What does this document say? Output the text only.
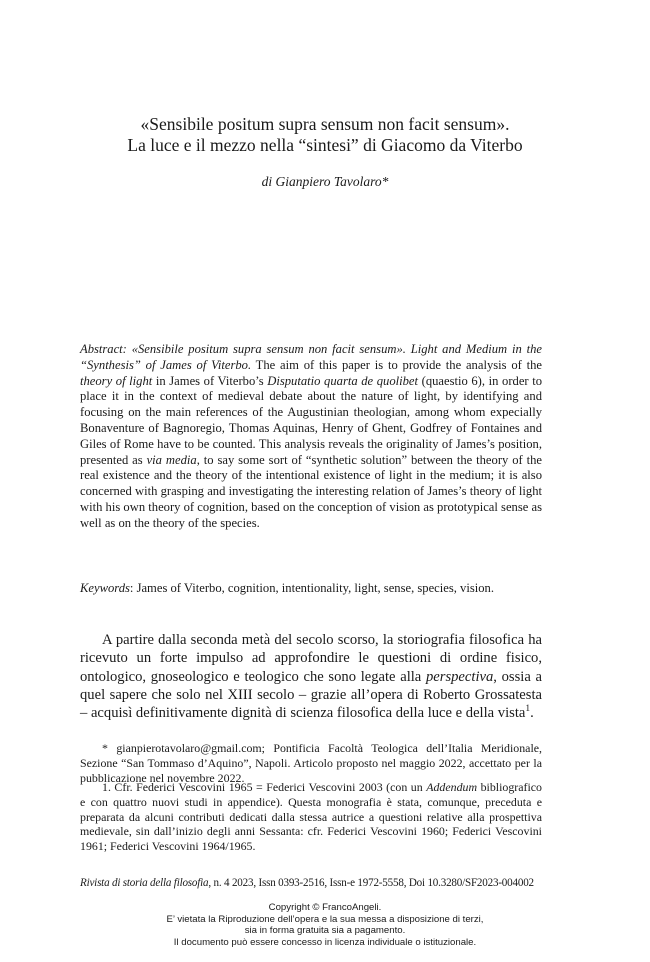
«Sensibile positum supra sensum non facit sensum».
La luce e il mezzo nella “sintesi” di Giacomo da Viterbo
di Gianpiero Tavolaro*
Abstract: «Sensibile positum supra sensum non facit sensum». Light and Medium in the “Synthesis” of James of Viterbo. The aim of this paper is to provide the analysis of the theory of light in James of Viterbo’s Disputatio quarta de quolibet (quaestio 6), in order to place it in the context of medieval debate about the nature of light, by identifying and focusing on the main references of the Augustinian theologian, among whom expecially Bonaventure of Bagnoregio, Thomas Aquinas, Henry of Ghent, Godfrey of Fontaines and Giles of Rome have to be counted. This analysis reveals the originality of James’s position, presented as via media, to say some sort of “synthetic solution” between the theory of the real existence and the theory of the intentional existence of light in the medium; it is also concerned with grasping and investigating the interesting relation of James’s theory of light with his own theory of cognition, based on the conception of vision as prototypical sense as well as on the theory of the species.
Keywords: James of Viterbo, cognition, intentionality, light, sense, species, vision.
A partire dalla seconda metà del secolo scorso, la storiografia filosofica ha ricevuto un forte impulso ad approfondire le questioni di ordine fisico, ontologico, gnoseologico e teologico che sono legate alla perspectiva, ossia a quel sapere che solo nel XIII secolo – grazie all’opera di Roberto Grossatesta – acquisì definitivamente dignità di scienza filosofica della luce e della vista$^1$.
* gianpierotavolaro@gmail.com; Pontificia Facoltà Teologica dell’Italia Meridionale, Sezione “San Tommaso d’Aquino”, Napoli. Articolo proposto nel maggio 2022, accettato per la pubblicazione nel novembre 2022.
1. Cfr. Federici Vescovini 1965 = Federici Vescovini 2003 (con un Addendum bibliografico e con quattro nuovi studi in appendice). Questa monografia è stata, comunque, preceduta e preparata da alcuni contributi dedicati dalla stessa autrice a questioni relative alla prospettiva medievale, sin dall’inizio degli anni Sessanta: cfr. Federici Vescovini 1960; Federici Vescovini 1961; Federici Vescovini 1964/1965.
Rivista di storia della filosofia, n. 4 2023, Issn 0393-2516, Issn-e 1972-5558, Doi 10.3280/SF2023-004002
Copyright © FrancoAngeli.
E’ vietata la Riproduzione dell’opera e la sua messa a disposizione di terzi,
sia in forma gratuita sia a pagamento.
Il documento può essere concesso in licenza individuale o istituzionale.
